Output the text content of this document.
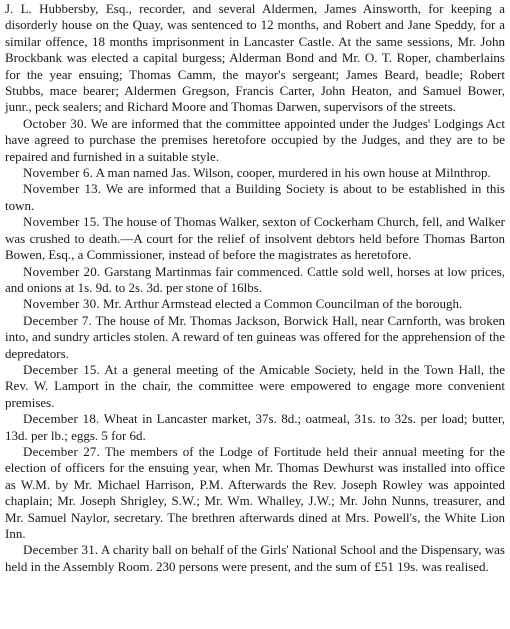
J. L. Hubbersby, Esq., recorder, and several Aldermen, James Ainsworth, for keeping a disorderly house on the Quay, was sentenced to 12 months, and Robert and Jane Speddy, for a similar offence, 18 months imprisonment in Lancaster Castle. At the same sessions, Mr. John Brockbank was elected a capital burgess; Alderman Bond and Mr. O. T. Roper, chamberlains for the year ensuing; Thomas Camm, the mayor's sergeant; James Beard, beadle; Robert Stubbs, mace bearer; Aldermen Gregson, Francis Carter, John Heaton, and Samuel Bower, junr., peck sealers; and Richard Moore and Thomas Darwen, supervisors of the streets.

October 30. We are informed that the committee appointed under the Judges' Lodgings Act have agreed to purchase the premises heretofore occupied by the Judges, and they are to be repaired and furnished in a suitable style.

November 6. A man named Jas. Wilson, cooper, murdered in his own house at Milnthrop.

November 13. We are informed that a Building Society is about to be established in this town.

November 15. The house of Thomas Walker, sexton of Cockerham Church, fell, and Walker was crushed to death.—A court for the relief of insolvent debtors held before Thomas Barton Bowen, Esq., a Commissioner, instead of before the magistrates as heretofore.

November 20. Garstang Martinmas fair commenced. Cattle sold well, horses at low prices, and onions at 1s. 9d. to 2s. 3d. per stone of 16lbs.

November 30. Mr. Arthur Armstead elected a Common Councilman of the borough.

December 7. The house of Mr. Thomas Jackson, Borwick Hall, near Carnforth, was broken into, and sundry articles stolen. A reward of ten guineas was offered for the apprehension of the depredators.

December 15. At a general meeting of the Amicable Society, held in the Town Hall, the Rev. W. Lamport in the chair, the committee were empowered to engage more convenient premises.

December 18. Wheat in Lancaster market, 37s. 8d.; oatmeal, 31s. to 32s. per load; butter, 13d. per lb.; eggs. 5 for 6d.

December 27. The members of the Lodge of Fortitude held their annual meeting for the election of officers for the ensuing year, when Mr. Thomas Dewhurst was installed into office as W.M. by Mr. Michael Harrison, P.M. Afterwards the Rev. Joseph Rowley was appointed chaplain; Mr. Joseph Shrigley, S.W.; Mr. Wm. Whalley, J.W.; Mr. John Nunns, treasurer, and Mr. Samuel Naylor, secretary. The brethren afterwards dined at Mrs. Powell's, the White Lion Inn.

December 31. A charity ball on behalf of the Girls' National School and the Dispensary, was held in the Assembly Room. 230 persons were present, and the sum of £51 19s. was realised.
